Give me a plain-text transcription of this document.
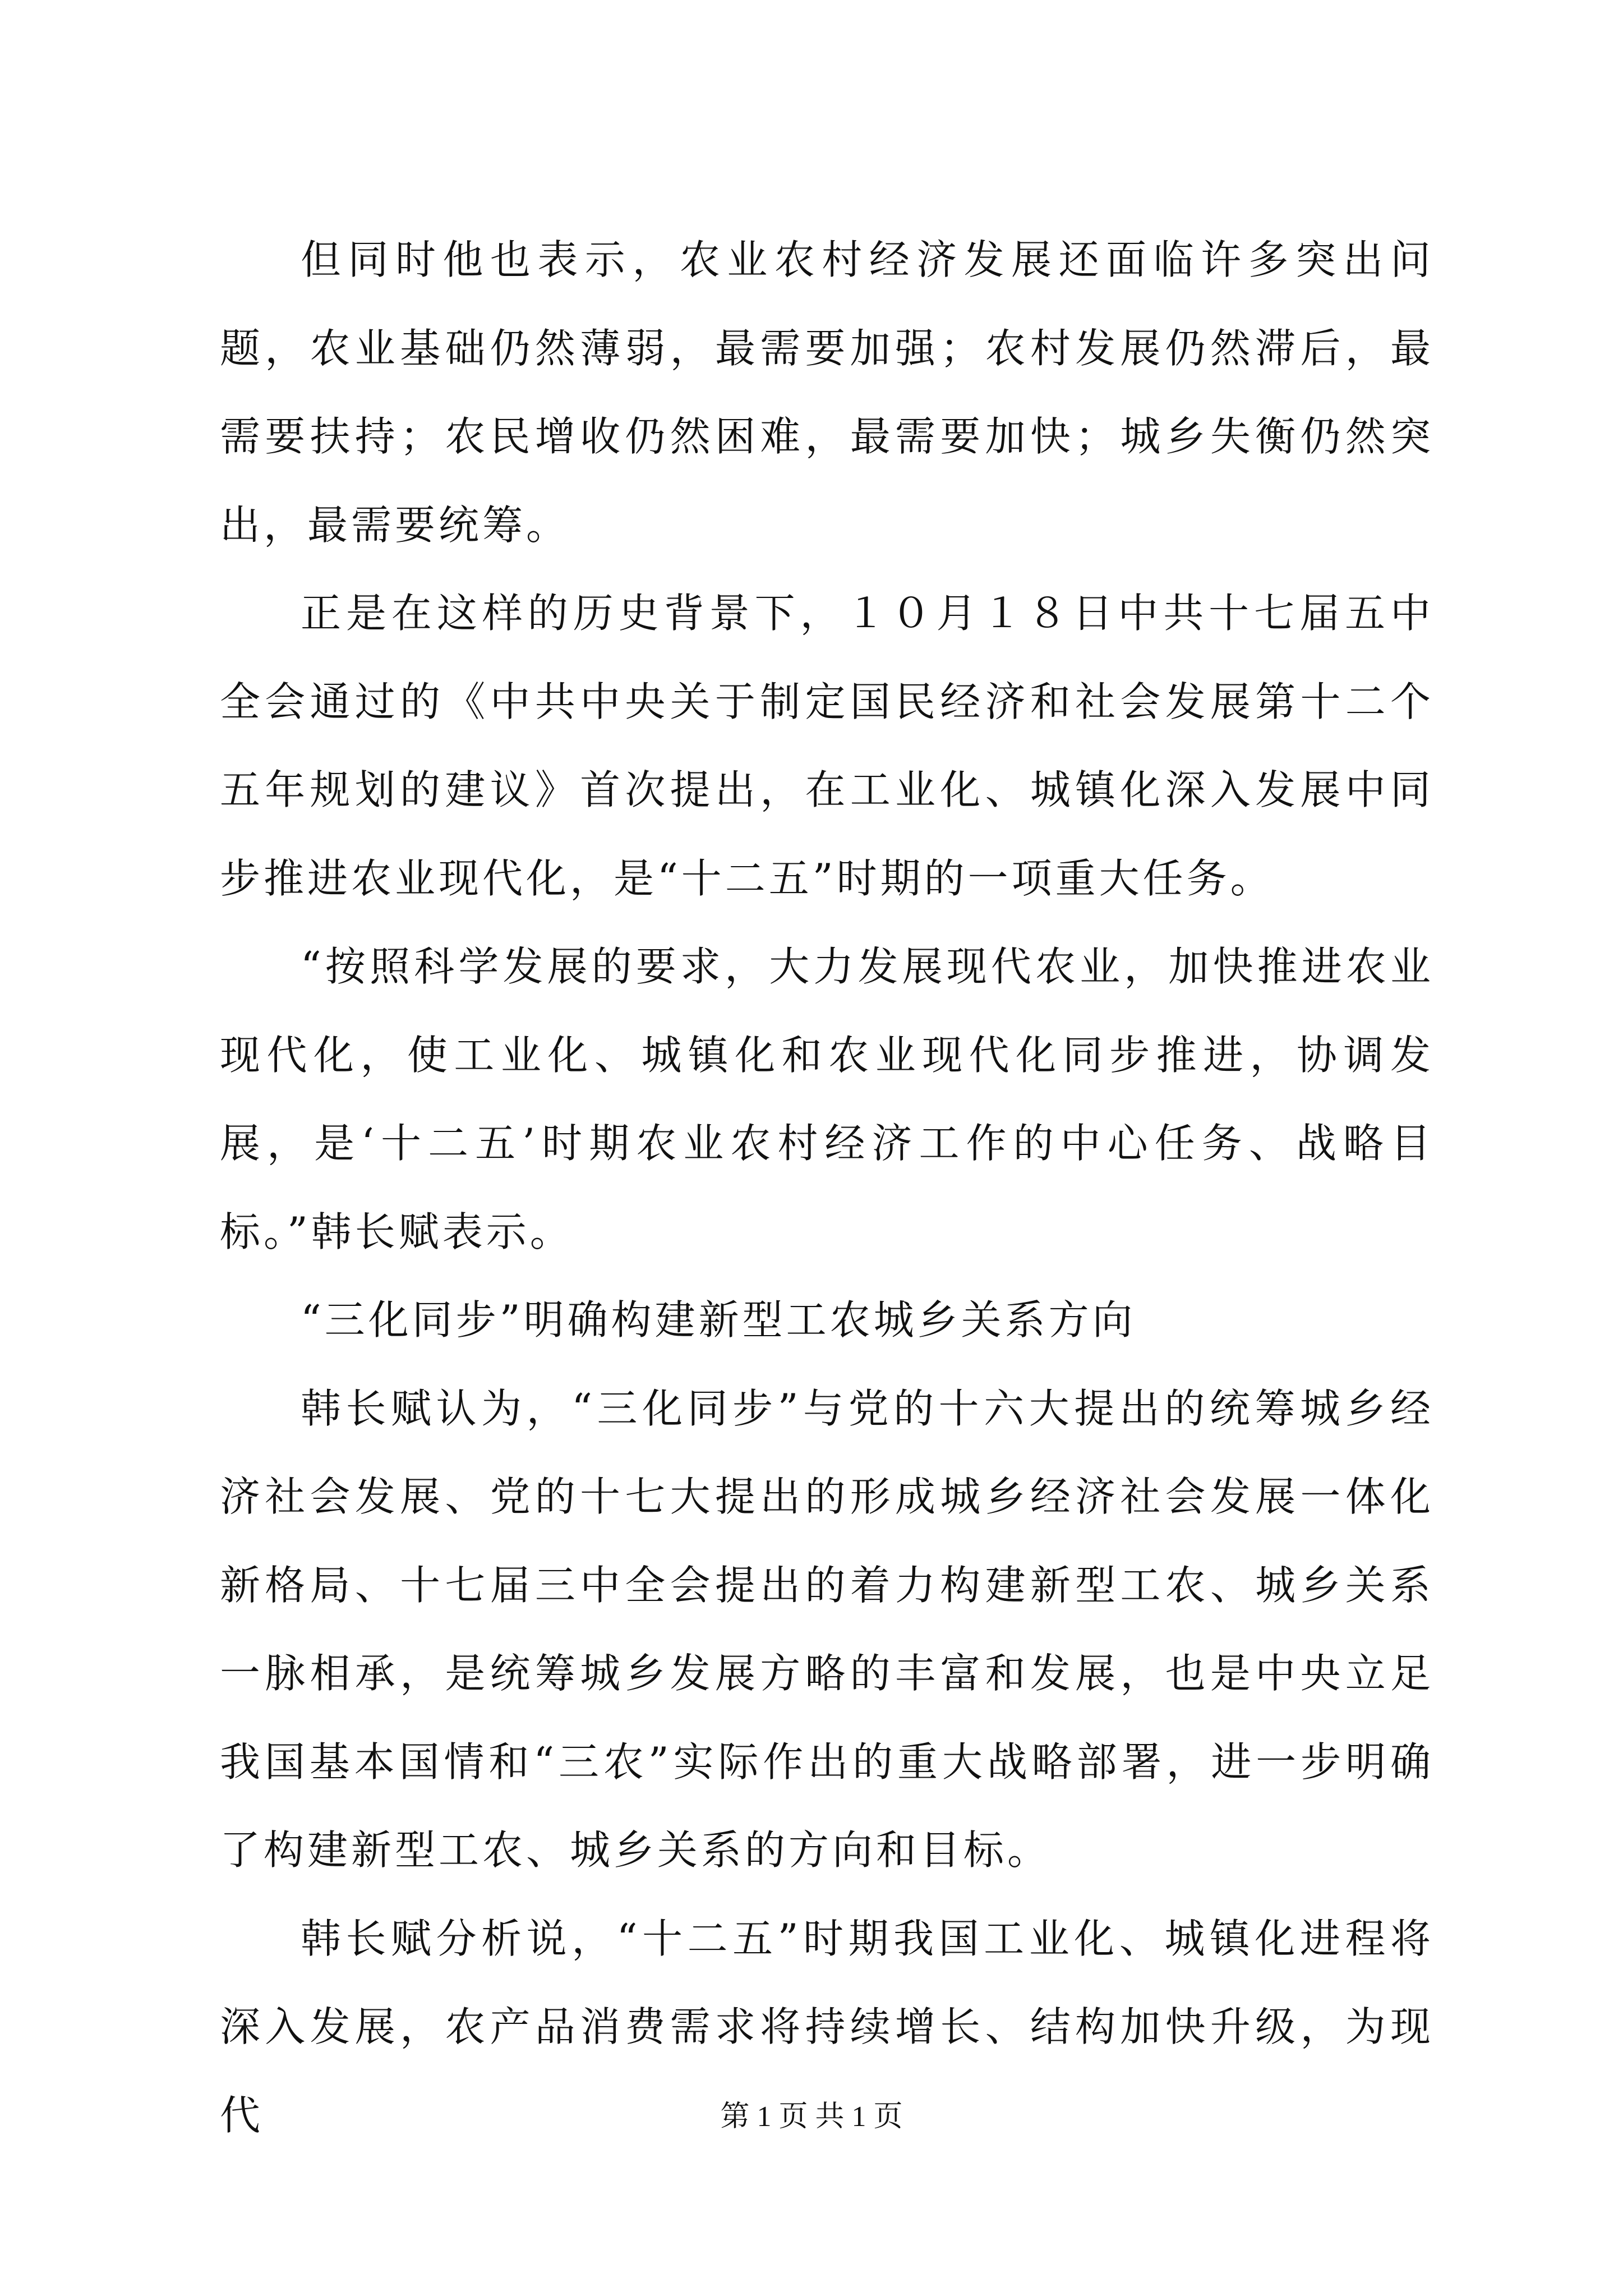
但同时他也表示，农业农村经济发展还面临许多突出问题，农业基础仍然薄弱，最需要加强；农村发展仍然滞后，最需要扶持；农民增收仍然困难，最需要加快；城乡失衡仍然突出，最需要统筹。

正是在这样的历史背景下，１０月１８日中共十七届五中全会通过的《中共中央关于制定国民经济和社会发展第十二个五年规划的建议》首次提出，在工业化、城镇化深入发展中同步推进农业现代化，是“十二五”时期的一项重大任务。

“按照科学发展的要求，大力发展现代农业，加快推进农业现代化，使工业化、城镇化和农业现代化同步推进，协调发展，是‘十二五’时期农业农村经济工作的中心任务、战略目标。”韩长赋表示。

“三化同步”明确构建新型工农城乡关系方向

韩长赋认为，“三化同步”与党的十六大提出的统筹城乡经济社会发展、党的十七大提出的形成城乡经济社会发展一体化新格局、十七届三中全会提出的着力构建新型工农、城乡关系一脉相承，是统筹城乡发展方略的丰富和发展，也是中央立足我国基本国情和“三农”实际作出的重大战略部署，进一步明确了构建新型工农、城乡关系的方向和目标。

韩长赋分析说，“十二五”时期我国工业化、城镇化进程将深入发展，农产品消费需求将持续增长、结构加快升级，为现代	第 1 页 共 1 页
